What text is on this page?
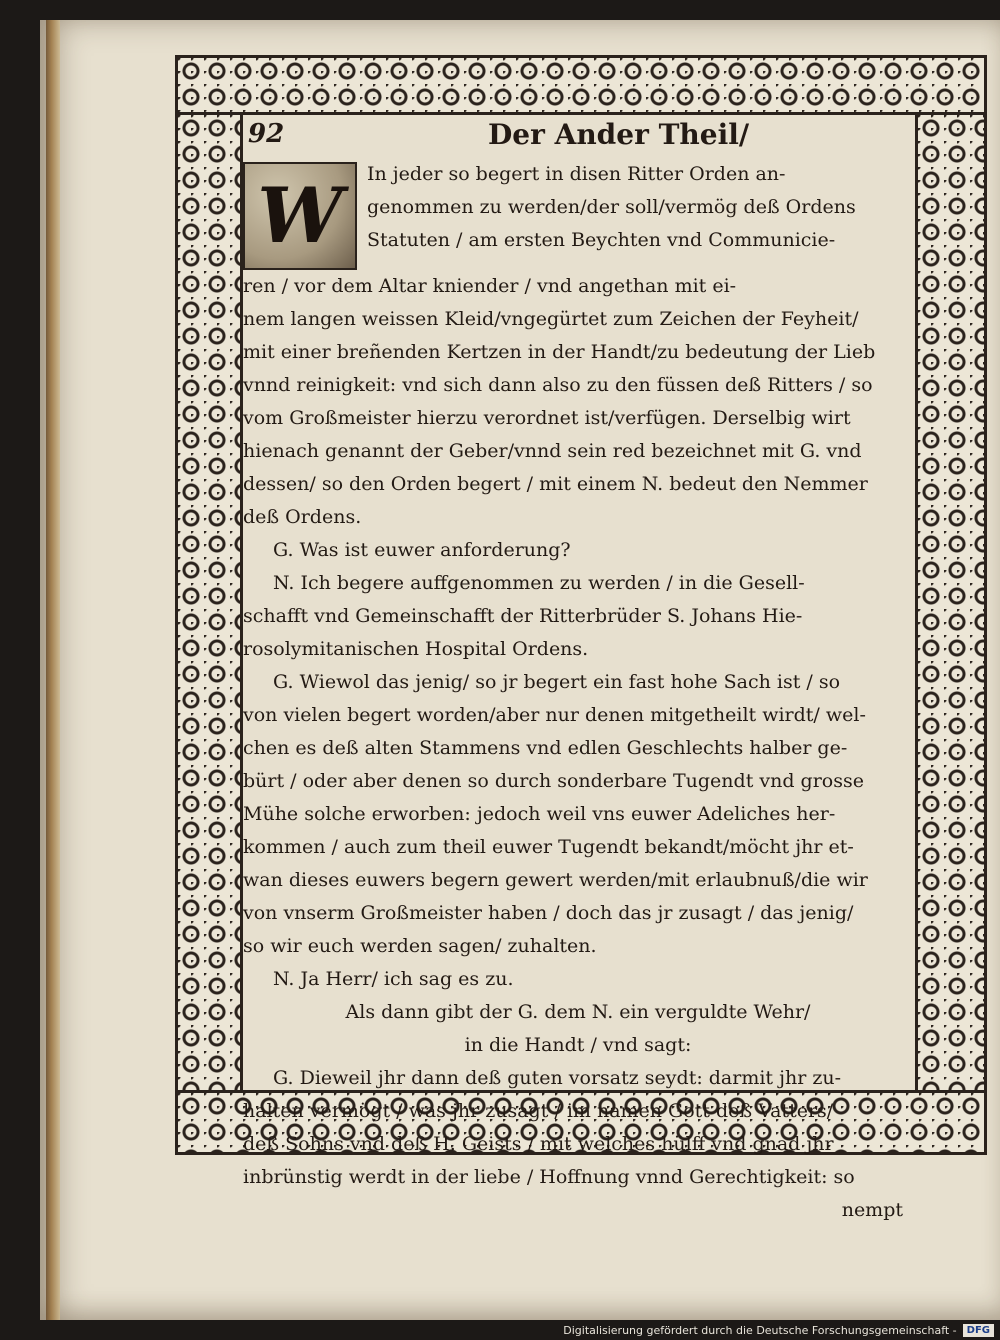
92	Der Ander Theil/
W	In jeder so begert in disen Ritter Orden an-
genommen zu werden/der soll/vermög deß Ordens
Statuten / am ersten Beychten vnd Communicie-
ren / vor dem Altar kniender / vnd angethan mit ei-
nem langen weissen Kleid/vngegürtet zum Zeichen der Feyheit/
mit einer breñenden Kertzen in der Handt/zu bedeutung der Lieb
vnnd reinigkeit: vnd sich dann also zu den füssen deß Ritters / so
vom Großmeister hierzu verordnet ist/verfügen. Derselbig wirt
hienach genannt der Geber/vnnd sein red bezeichnet mit G. vnd
dessen/ so den Orden begert / mit einem N. bedeut den Nemmer
deß Ordens.
G. Was ist euwer anforderung?
N. Ich begere auffgenommen zu werden / in die Gesell-
schafft vnd Gemeinschafft der Ritterbrüder S. Johans Hie-
rosolymitanischen Hospital Ordens.
G. Wiewol das jenig/ so jr begert ein fast hohe Sach ist / so
von vielen begert worden/aber nur denen mitgetheilt wirdt/ wel-
chen es deß alten Stammens vnd edlen Geschlechts halber ge-
bürt / oder aber denen so durch sonderbare Tugendt vnd grosse
Mühe solche erworben: jedoch weil vns euwer Adeliches her-
kommen / auch zum theil euwer Tugendt bekandt/möcht jhr et-
wan dieses euwers begern gewert werden/mit erlaubnuß/die wir
von vnserm Großmeister haben / doch das jr zusagt / das jenig/
so wir euch werden sagen/ zuhalten.
N. Ja Herr/ ich sag es zu.
Als dann gibt der G. dem N. ein verguldte Wehr/
in die Handt / vnd sagt:
G. Dieweil jhr dann deß guten vorsatz seydt: darmit jhr zu-
halten vermögt / was jhr zusagt / im namen Gott deß Vatters/
deß Sohns vnd deß H. Geists / mit welches hülff vnd gnad jhr
inbrünstig werdt in der liebe / Hoffnung vnnd Gerechtigkeit: so
nempt
Digitalisierung gefördert durch die Deutsche Forschungsgemeinschaft -	DFG
